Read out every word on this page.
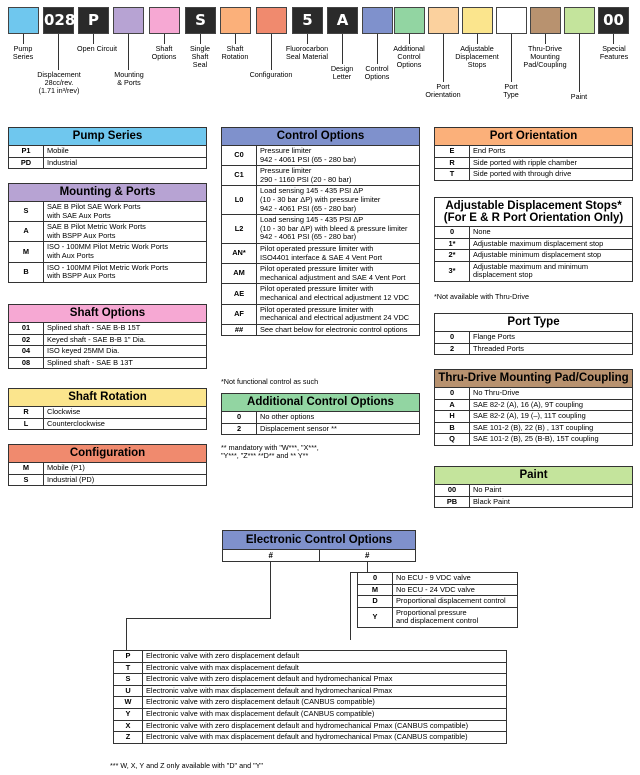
028 P	S	5	A	00
Pump
Series
Displacement
28cc/rev.
(1.71 in³/rev)
Open Circuit
Mounting
& Ports
Shaft
Options
Single
Shaft
Seal
Shaft
Rotation
Configuration
Fluorocarbon
Seal Material
Design
Letter
Control
Options
Additional
Control
Options
Port
Orientation
Adjustable
Displacement
Stops
Port
Type
Thru-Drive
Mounting
Pad/Coupling
Paint
Special
Features
Pump Series
P1	Mobile
PD	Industrial
Mounting & Ports
S	SAE B Pilot SAE Work Ports
with SAE Aux Ports
A	SAE B Pilot Metric Work Ports
with BSPP Aux Ports
M	ISO - 100MM Pilot Metric Work Ports
with Aux Ports
B	ISO - 100MM Pilot Metric Work Ports
with BSPP Aux Ports
Shaft Options
01	Splined shaft - SAE B-B 15T
02	Keyed shaft - SAE B-B 1" Dia.
04	ISO keyed 25MM Dia.
08	Splined shaft - SAE B 13T
Shaft Rotation
R	Clockwise
L	Counterclockwise
Configuration
M	Mobile (P1)
S	Industrial (PD)
Control Options
C0	Pressure limiter
942 - 4061 PSI (65 - 280 bar)
C1	Pressure limiter
290 - 1160 PSI (20 - 80 bar)
L0
Load sensing 145 - 435 PSI ΔP
(10 - 30 bar ΔP) with pressure limiter
942 - 4061 PSI (65 - 280 bar)
L2
Load sensing 145 - 435 PSI ΔP
(10 - 30 bar ΔP) with bleed & pressure limiter
942 - 4061 PSI (65 - 280 bar)
AN*	Pilot operated pressure limiter with
ISO4401 interface & SAE 4 Vent Port
AM	Pilot operated pressure limiter with
mechanical adjustment and SAE 4 Vent Port
AE	Pilot operated pressure limiter with
mechanical and electrical adjustment 12 VDC
AF	Pilot operated pressure limiter with
mechanical and electrical adjustment 24 VDC
##	See chart below for electronic control options
*Not functional control as such
Additional Control Options
0	No other options
2	Displacement sensor **
** mandatory with "W***, "X***,
"Y***, "Z*** **D** and ** Y**
Port Orientation
E	End Ports
R	Side ported with ripple chamber
T	Side ported with through drive
Adjustable Displacement Stops*
(For E & R Port Orientation Only)
0	None
1*	Adjustable maximum displacement stop
2*	Adjustable minimum displacement stop
3*	Adjustable maximum and minimum
displacement stop
*Not available with Thru-Drive
Port Type
0	Flange Ports
2	Threaded Ports
Thru-Drive Mounting Pad/Coupling
0	No Thru-Drive
A	SAE 82-2 (A), 16 (A), 9T coupling
H	SAE 82-2 (A), 19 (–), 11T coupling
B	SAE 101-2 (B), 22 (B) , 13T coupling
Q	SAE 101-2 (B), 25 (B-B), 15T coupling
Paint
00	No Paint
PB	Black Paint
Electronic Control Options
#	#
0	No ECU - 9 VDC valve
M	No ECU - 24 VDC valve
D	Proportional displacement control
Y	Proportional pressure
and displacement control
P	Electronic valve with zero displacement default
T	Electronic valve with max displacement default
S	Electronic valve with zero displacement default and hydromechanical Pmax
U	Electronic valve with max displacement default and hydromechanical Pmax
W	Electronic valve with zero displacement default (CANBUS compatible)
Y	Electronic valve with max displacement default (CANBUS compatible)
X	Electronic valve with zero displacement default and hydromechanical Pmax (CANBUS compatible)
Z	Electronic valve with max displacement default and hydromechanical Pmax (CANBUS compatible)
*** W, X, Y and Z only available with "D" and "Y"
